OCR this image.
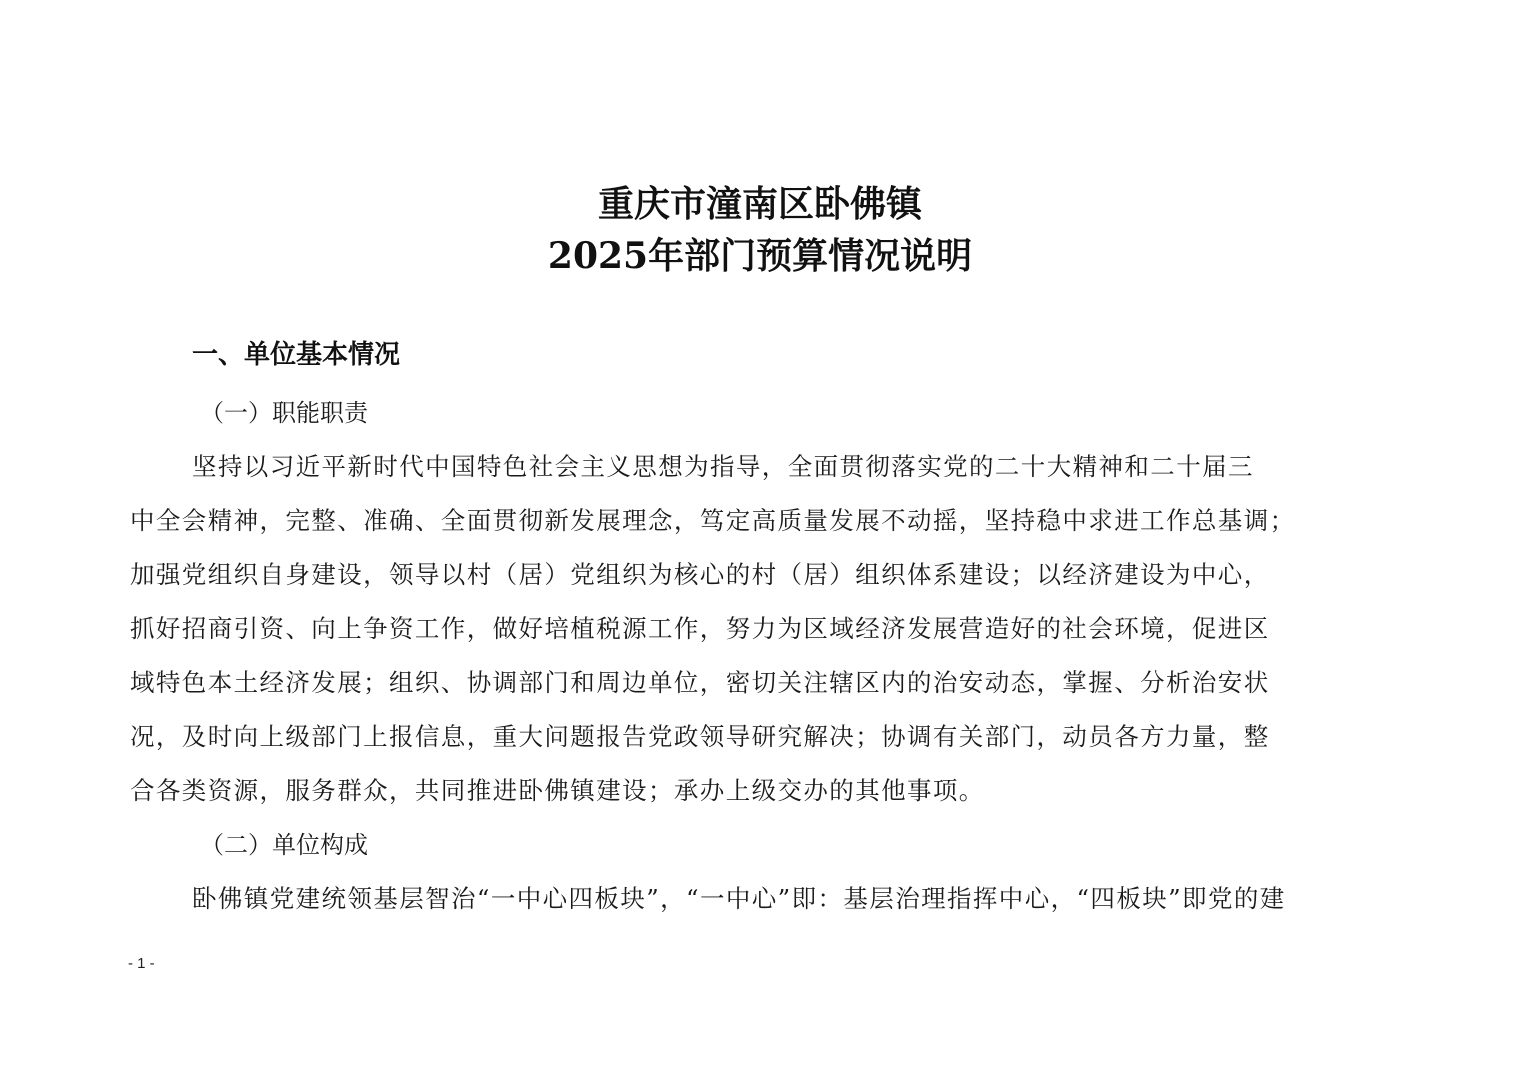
重庆市潼南区卧佛镇
2025年部门预算情况说明
一、单位基本情况
（一）职能职责
坚持以习近平新时代中国特色社会主义思想为指导，全面贯彻落实党的二十大精神和二十届三
中全会精神，完整、准确、全面贯彻新发展理念，笃定高质量发展不动摇，坚持稳中求进工作总基调；
加强党组织自身建设，领导以村（居）党组织为核心的村（居）组织体系建设；以经济建设为中心，
抓好招商引资、向上争资工作，做好培植税源工作，努力为区域经济发展营造好的社会环境，促进区
域特色本土经济发展；组织、协调部门和周边单位，密切关注辖区内的治安动态，掌握、分析治安状
况，及时向上级部门上报信息，重大问题报告党政领导研究解决；协调有关部门，动员各方力量，整
合各类资源，服务群众，共同推进卧佛镇建设；承办上级交办的其他事项。
（二）单位构成
卧佛镇党建统领基层智治“一中心四板块”，“一中心”即：基层治理指挥中心，“四板块”即党的建
- 1 -
